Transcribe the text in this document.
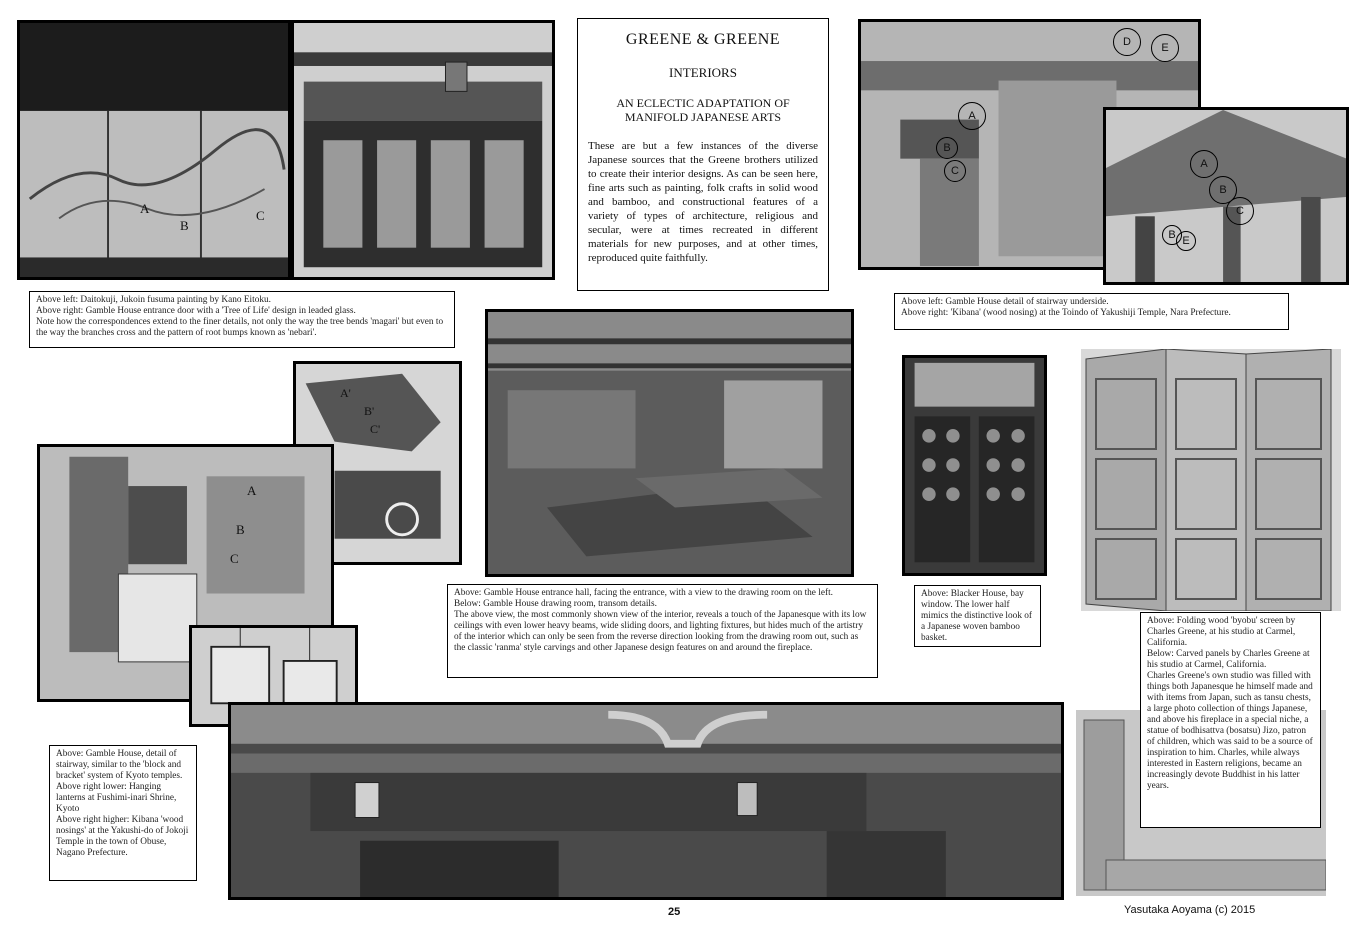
A
B
C
GREENE & GREENE
INTERIORS
AN ECLECTIC ADAPTATION OF MANIFOLD JAPANESE ARTS
These are but a few instances of the diverse Japanese sources that the Greene brothers utilized to create their interior designs. As can be seen here, fine arts such as painting, folk crafts in solid wood and bamboo, and constructional features of a variety of types of architecture, religious and secular, were at times recreated in different materials for new purposes, and at other times, reproduced quite faithfully.
D	E
A
B
C
A
B
C
B E

Above left: Daitokuji, Jukoin fusuma painting by Kano Eitoku.

Above right: Gamble House entrance door with a 'Tree of Life' design in leaded glass.

Note how the correspondences extend to the finer details, not only the way the tree bends 'magari' but even to the way the branches cross and the pattern of root bumps known as 'nebari'.

Above left: Gamble House detail of stairway underside.

Above right: 'Kibana' (wood nosing) at the Toindo of Yakushiji Temple, Nara Prefecture.

A'
B'
C'
A
B
C

Above: Gamble House entrance hall, facing the entrance, with a view to the drawing room on the left.

Below: Gamble House drawing room, transom details.

The above view, the most commonly shown view of the interior, reveals a touch of the Japanesque with its low ceilings with even lower heavy beams, wide sliding doors, and lighting fixtures, but hides much of the artistry of the interior which can only be seen from the reverse direction looking from the drawing room out, such as the classic 'ranma' style carvings and other Japanese design features on and around the fireplace.

Above: Blacker House, bay window. The lower half mimics the distinctive look of a Japanese woven bamboo basket.

Above: Folding wood 'byobu' screen by Charles Greene, at his studio at Carmel, California.

Below: Carved panels by Charles Greene at his studio at Carmel, California.

Charles Greene's own studio was filled with things both Japanesque he himself made and with items from Japan, such as tansu chests, a large photo collection of things Japanese, and above his fireplace in a special niche, a statue of bodhisattva (bosatsu) Jizo, patron of children, which was said to be a source of inspiration to him. Charles, while always interested in Eastern religions, became an increasingly devote Buddhist in his latter years.

Above: Gamble House, detail of stairway, similar to the 'block and bracket' system of Kyoto temples.

Above right lower: Hanging lanterns at Fushimi-inari Shrine, Kyoto

Above right higher: Kibana 'wood nosings' at the Yakushi-do of Jokoji Temple in the town of Obuse, Nagano Prefecture.

25	Yasutaka Aoyama (c) 2015
